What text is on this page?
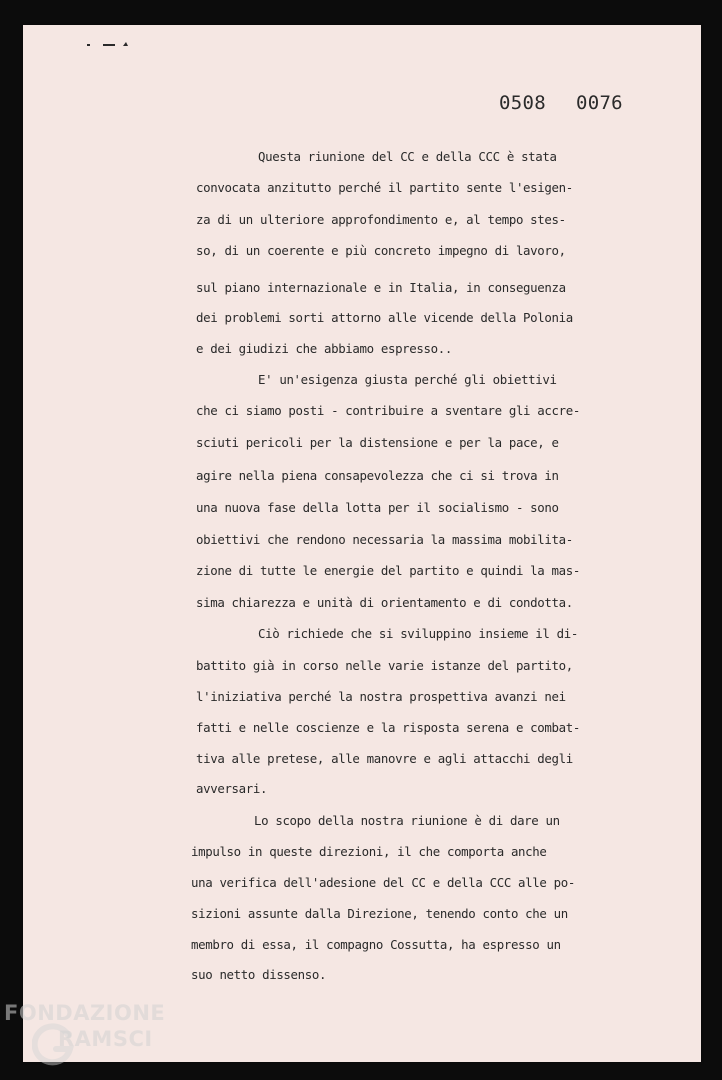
0508 0076
Questa riunione del CC e della CCC è stata
convocata anzitutto perché il partito sente l'esigen-
za di un ulteriore approfondimento e, al tempo stes-
so, di un coerente e più concreto impegno di lavoro,
sul piano internazionale e in Italia, in conseguenza
dei problemi sorti attorno alle vicende della Polonia
e dei giudizi che abbiamo espresso..
E' un'esigenza giusta perché gli obiettivi
che ci siamo posti - contribuire a sventare gli accre-
sciuti pericoli per la distensione e per la pace, e
agire nella piena consapevolezza che ci si trova in
una nuova fase della lotta per il socialismo - sono
obiettivi che rendono necessaria la massima mobilita-
zione di tutte le energie del partito e quindi la mas-
sima chiarezza e unità di orientamento e di condotta.
Ciò richiede che si sviluppino insieme il di-
battito già in corso nelle varie istanze del partito,
l'iniziativa perché la nostra prospettiva avanzi nei
fatti e nelle coscienze e la risposta serena e combat-
tiva alle pretese, alle manovre e agli attacchi degli
avversari.
Lo scopo della nostra riunione è di dare un
impulso in queste direzioni, il che comporta anche
una verifica dell'adesione del CC e della CCC alle po-
sizioni assunte dalla Direzione, tenendo conto che un
membro di essa, il compagno Cossutta, ha espresso un
suo netto dissenso.
FONDAZIONE
RAMSCI
